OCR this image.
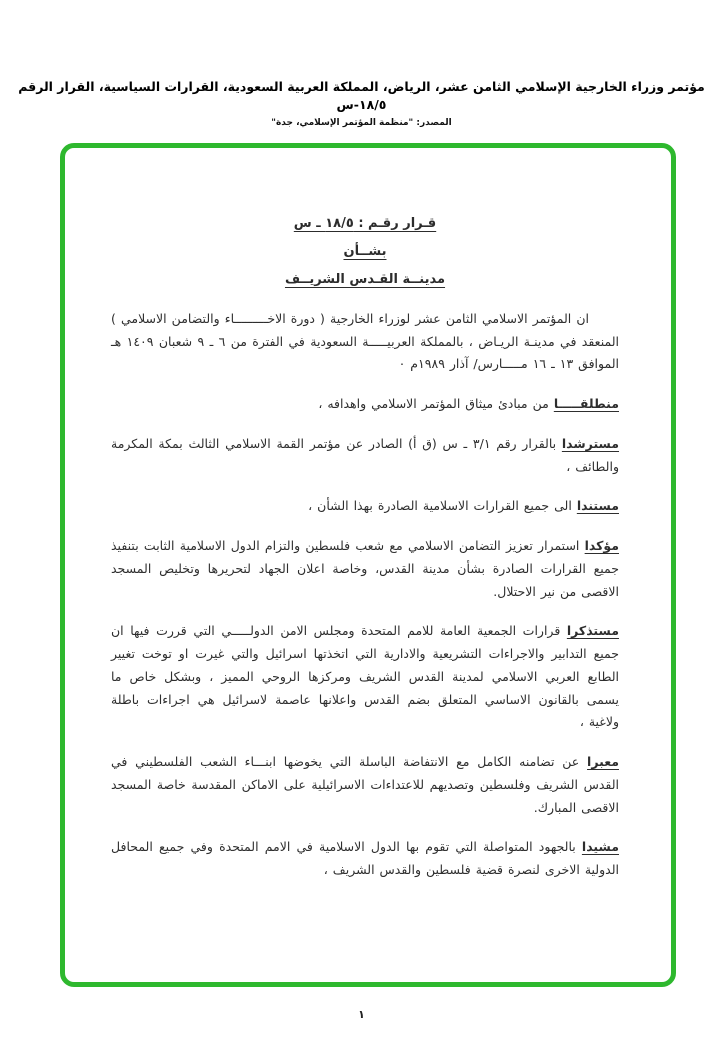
مؤتمر وزراء الخارجية الإسلامي الثامن عشر، الرياض، المملكة العربية السعودية، القرارات السياسية، القرار الرقم ١٨/٥-س
المصدر: "منظمة المؤتمر الإسلامي، جدة"
قـرار رقـم : ١٨/٥ ـ س
بشــأن
مدينــة القـدس الشريــف

ان المؤتمر الاسلامي الثامن عشر لوزراء الخارجية ( دورة الاخـــــــــاء والتضامن الاسلامي ) المنعقد في مدينـة الريـاض ، بالمملكة العربيـــــة السعودية في الفترة من ٦ ـ ٩ شعبان ١٤٠٩ هـ الموافق ١٣ ـ ١٦ مـــــارس/ آذار ١٩٨٩م ٠

منطلقـــــا من مبادئ ميثاق المؤتمر الاسلامي واهدافه ،

مسترشدا بالقرار رقم ٣/١ ـ س (ق أ) الصادر عن مؤتمر القمة الاسلامي الثالث بمكة المكرمة والطائف ،

مستندا الى جميع القرارات الاسلامية الصادرة بهذا الشأن ،

مؤكدا استمرار تعزيز التضامن الاسلامي مع شعب فلسطين والتزام الدول الاسلامية الثابت بتنفيذ جميع القرارات الصادرة بشأن مدينة القدس، وخاصة اعلان الجهاد لتحريرها وتخليص المسجد الاقصى من نير الاحتلال.

مستذكرا قرارات الجمعية العامة للامم المتحدة ومجلس الامن الدولـــــي التي قررت فيها ان جميع التدابير والاجراءات التشريعية والادارية التي اتخذتها اسرائيل والتي غيرت او توخت تغيير الطابع العربي الاسلامي لمدينة القدس الشريف ومركزها الروحي المميز ، وبشكل خاص ما يسمى بالقانون الاساسي المتعلق بضم القدس واعلانها عاصمة لاسرائيل هي اجراءات باطلة ولاغية ،

معبرا عن تضامنه الكامل مع الانتفاضة الباسلة التي يخوضها ابنـــاء الشعب الفلسطيني في القدس الشريف وفلسطين وتصديهم للاعتداءات الاسرائيلية على الاماكن المقدسة خاصة المسجد الاقصى المبارك.

مشيدا بالجهود المتواصلة التي تقوم بها الدول الاسلامية في الامم المتحدة وفي جميع المحافل الدولية الاخرى لنصرة قضية فلسطين والقدس الشريف ،

١
